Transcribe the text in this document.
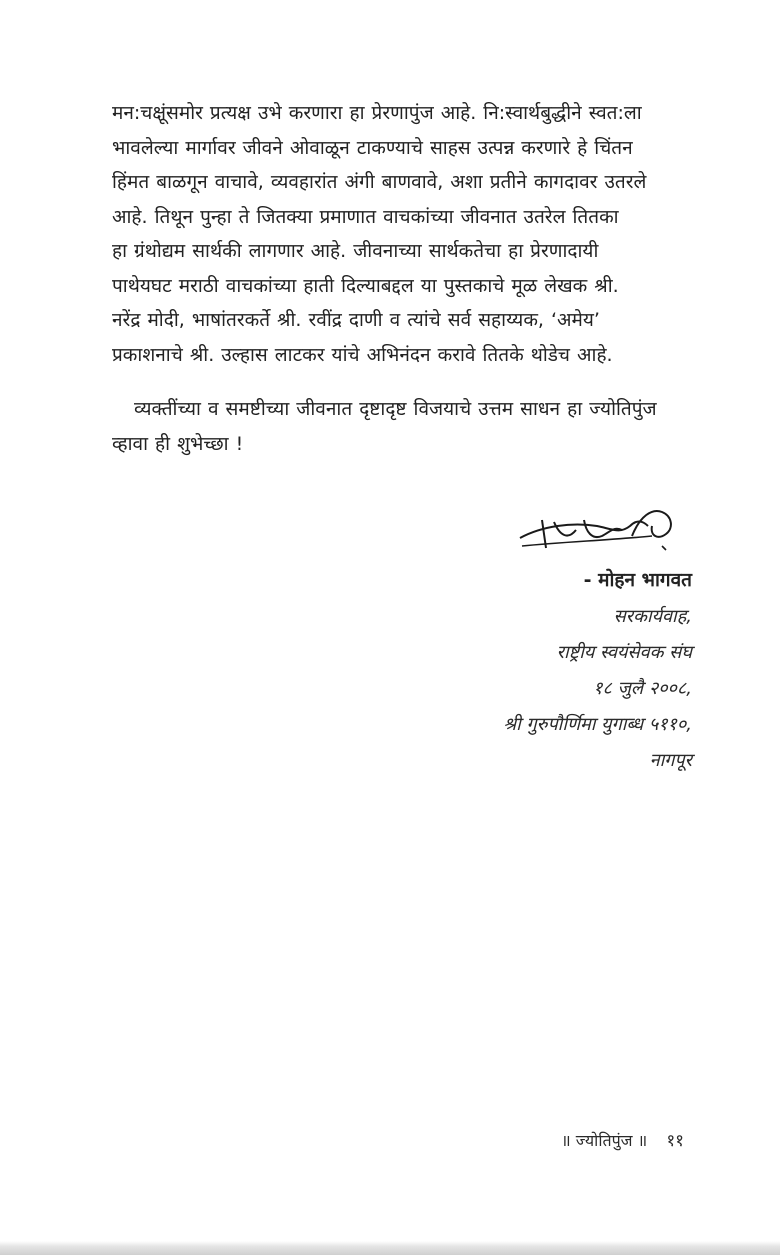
मन:चक्षूंसमोर प्रत्यक्ष उभे करणारा हा प्रेरणापुंज आहे. नि:स्वार्थबुद्धीने स्वत:ला
भावलेल्या मार्गावर जीवने ओवाळून टाकण्याचे साहस उत्पन्न करणारे हे चिंतन
हिंमत बाळगून वाचावे, व्यवहारांत अंगी बाणवावे, अशा प्रतीने कागदावर उतरले
आहे. तिथून पुन्हा ते जितक्या प्रमाणात वाचकांच्या जीवनात उतरेल तितका
हा ग्रंथोद्यम सार्थकी लागणार आहे. जीवनाच्या सार्थकतेचा हा प्रेरणादायी
पाथेयघट मराठी वाचकांच्या हाती दिल्याबद्दल या पुस्तकाचे मूळ लेखक श्री.
नरेंद्र मोदी, भाषांतरकर्ते श्री. रवींद्र दाणी व त्यांचे सर्व सहाय्यक, ‘अमेय’
प्रकाशनाचे श्री. उल्हास लाटकर यांचे अभिनंदन करावे तितके थोडेच आहे.
व्यक्तींच्या व समष्टीच्या जीवनात दृष्टादृष्ट विजयाचे उत्तम साधन हा ज्योतिपुंज
व्हावा ही शुभेच्छा !
- मोहन भागवत
सरकार्यवाह,
राष्ट्रीय स्वयंसेवक संघ
१८ जुलै २००८,
श्री गुरुपौर्णिमा युगाब्ध ५११०,
नागपूर
॥ ज्योतिपुंज ॥ ११
